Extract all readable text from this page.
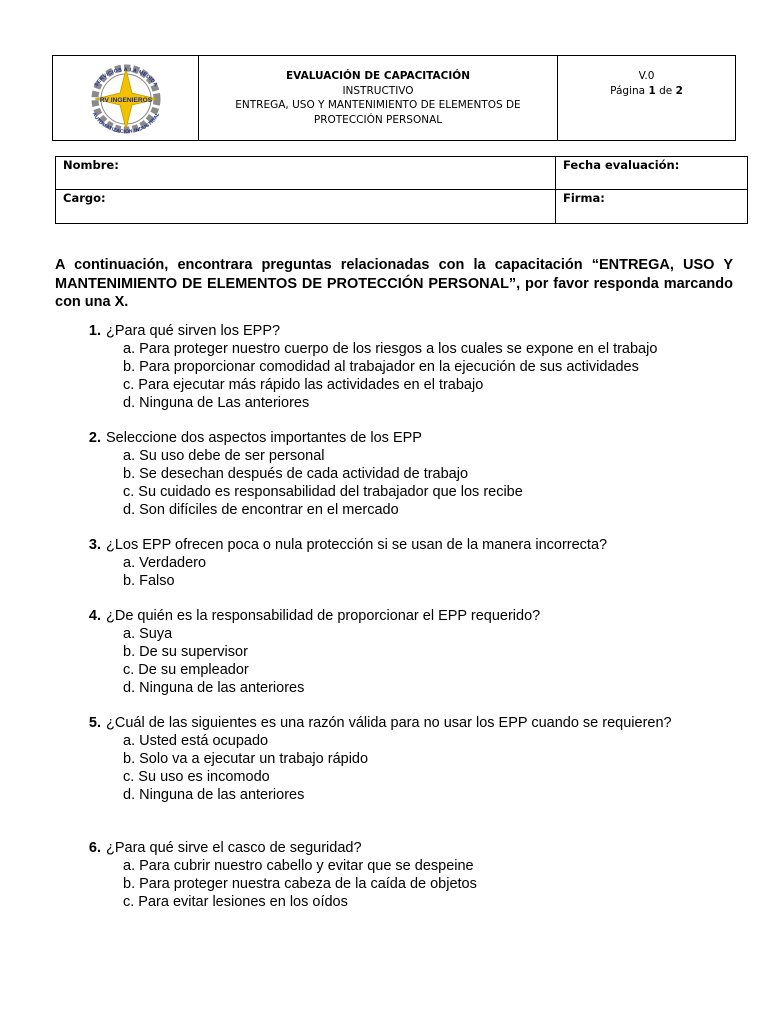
SERVICIOS A LA MEDIDA
RV INGENIEROS
AUTOMATIZACION INDUSTRIAL
EVALUACIÓN DE CAPACITACIÓN
INSTRUCTIVO
ENTREGA, USO Y MANTENIMIENTO DE ELEMENTOS DE
PROTECCIÓN PERSONAL
V.0
Página 1 de 2
Nombre:	Fecha evaluación:
Cargo:	Firma:
A continuación, encontrara preguntas relacionadas con la capacitación “ENTREGA, USO Y MANTENIMIENTO DE ELEMENTOS DE PROTECCIÓN PERSONAL”, por favor responda marcando con una X.
1. ¿Para qué sirven los EPP?
a. Para proteger nuestro cuerpo de los riesgos a los cuales se expone en el trabajo
b. Para proporcionar comodidad al trabajador en la ejecución de sus actividades
c. Para ejecutar más rápido las actividades en el trabajo
d. Ninguna de Las anteriores
2. Seleccione dos aspectos importantes de los EPP
a. Su uso debe de ser personal
b. Se desechan después de cada actividad de trabajo
c. Su cuidado es responsabilidad del trabajador que los recibe
d. Son difíciles de encontrar en el mercado
3. ¿Los EPP ofrecen poca o nula protección si se usan de la manera incorrecta?
a. Verdadero
b. Falso
4. ¿De quién es la responsabilidad de proporcionar el EPP requerido?
a. Suya
b. De su supervisor
c. De su empleador
d. Ninguna de las anteriores
5. ¿Cuál de las siguientes es una razón válida para no usar los EPP cuando se requieren?
a. Usted está ocupado
b. Solo va a ejecutar un trabajo rápido
c. Su uso es incomodo
d. Ninguna de las anteriores
6. ¿Para qué sirve el casco de seguridad?
a. Para cubrir nuestro cabello y evitar que se despeine
b. Para proteger nuestra cabeza de la caída de objetos
c. Para evitar lesiones en los oídos
